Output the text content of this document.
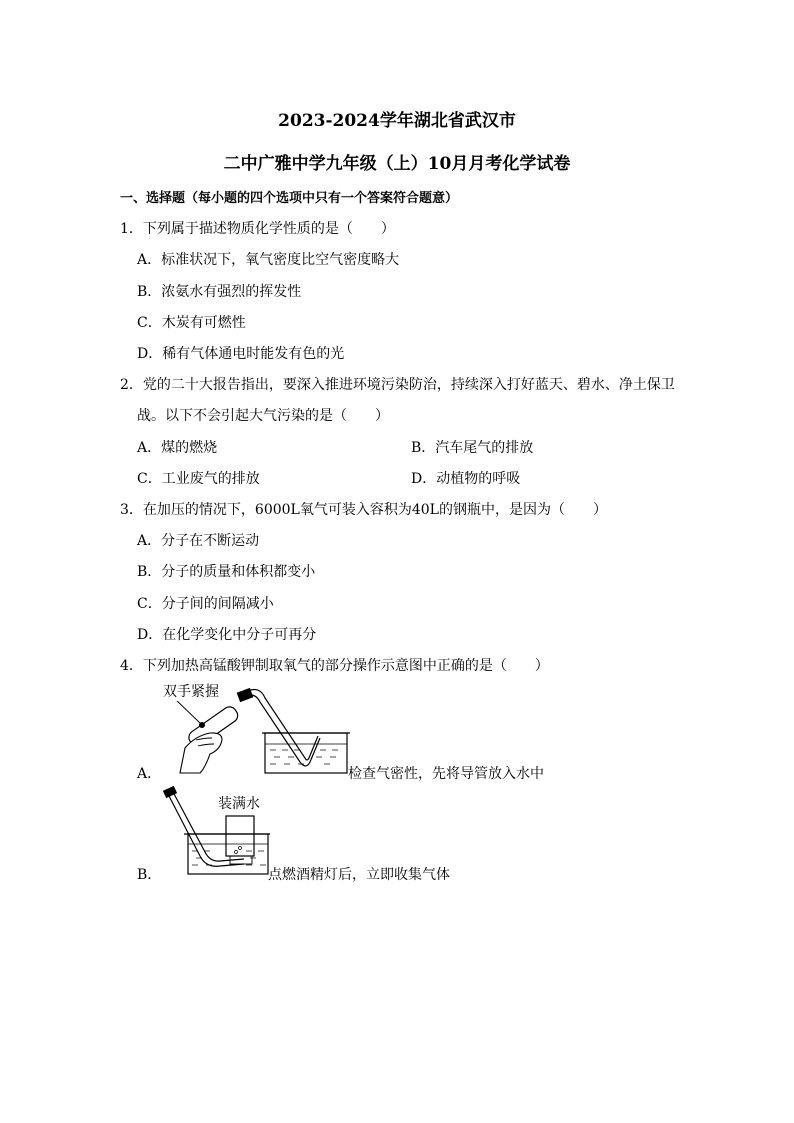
2023-2024学年湖北省武汉市
二中广雅中学九年级（上）10月月考化学试卷
一、选择题（每小题的四个选项中只有一个答案符合题意）
1．下列属于描述物质化学性质的是（　　）
A．标准状况下，氧气密度比空气密度略大
B．浓氨水有强烈的挥发性
C．木炭有可燃性
D．稀有气体通电时能发有色的光
2．党的二十大报告指出，要深入推进环境污染防治，持续深入打好蓝天、碧水、净土保卫
战。以下不会引起大气污染的是（　　）
A．煤的燃烧	B．汽车尾气的排放
C．工业废气的排放	D．动植物的呼吸
3．在加压的情况下，6000L氧气可装入容积为40L的钢瓶中，是因为（　　）
A．分子在不断运动
B．分子的质量和体积都变小
C．分子间的间隔减小
D．在化学变化中分子可再分
4．下列加热高锰酸钾制取氧气的部分操作示意图中正确的是（　　）
A．
双手紧握
检查气密性，先将导管放入水中
B．
装满水
点燃酒精灯后，立即收集气体
